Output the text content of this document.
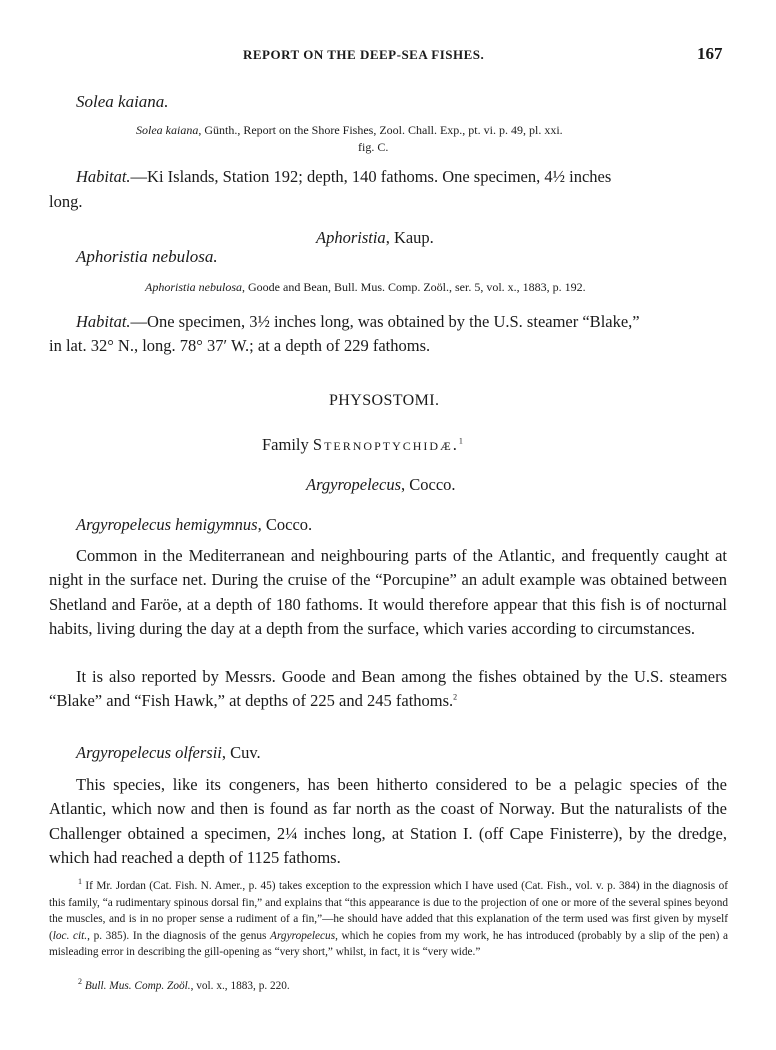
REPORT ON THE DEEP-SEA FISHES.	167
Solea kaiana.
Solea kaiana, Günth., Report on the Shore Fishes, Zool. Chall. Exp., pt. vi. p. 49, pl. xxi.
fig. C.
Habitat.—Ki Islands, Station 192; depth, 140 fathoms. One specimen, 4½ inches
long.
Aphoristia, Kaup.
Aphoristia nebulosa.
Aphoristia nebulosa, Goode and Bean, Bull. Mus. Comp. Zoöl., ser. 5, vol. x., 1883, p. 192.
Habitat.—One specimen, 3½ inches long, was obtained by the U.S. steamer “Blake,”
in lat. 32° N., long. 78° 37′ W.; at a depth of 229 fathoms.
PHYSOSTOMI.
Family Sternoptychidæ.$^1$
Argyropelecus, Cocco.
Argyropelecus hemigymnus, Cocco.

Common in the Mediterranean and neighbouring parts of the Atlantic, and frequently caught at night in the surface net. During the cruise of the “Porcupine” an adult example was obtained between Shetland and Faröe, at a depth of 180 fathoms. It would therefore appear that this fish is of nocturnal habits, living during the day at a depth from the surface, which varies according to circumstances.

It is also reported by Messrs. Goode and Bean among the fishes obtained by the U.S. steamers “Blake” and “Fish Hawk,” at depths of 225 and 245 fathoms.$^2$

Argyropelecus olfersii, Cuv.

This species, like its congeners, has been hitherto considered to be a pelagic species of the Atlantic, which now and then is found as far north as the coast of Norway. But the naturalists of the Challenger obtained a specimen, 2¼ inches long, at Station I. (off Cape Finisterre), by the dredge, which had reached a depth of 1125 fathoms.

$^1$ If Mr. Jordan (Cat. Fish. N. Amer., p. 45) takes exception to the expression which I have used (Cat. Fish., vol. v. p. 384) in the diagnosis of this family, “a rudimentary spinous dorsal fin,” and explains that “this appearance is due to the projection of one or more of the several spines beyond the muscles, and is in no proper sense a rudiment of a fin,”—he should have added that this explanation of the term used was first given by myself (loc. cit., p. 385). In the diagnosis of the genus Argyropelecus, which he copies from my work, he has introduced (probably by a slip of the pen) a misleading error in describing the gill-opening as “very short,” whilst, in fact, it is “very wide.”

$^2$ Bull. Mus. Comp. Zoöl., vol. x., 1883, p. 220.
